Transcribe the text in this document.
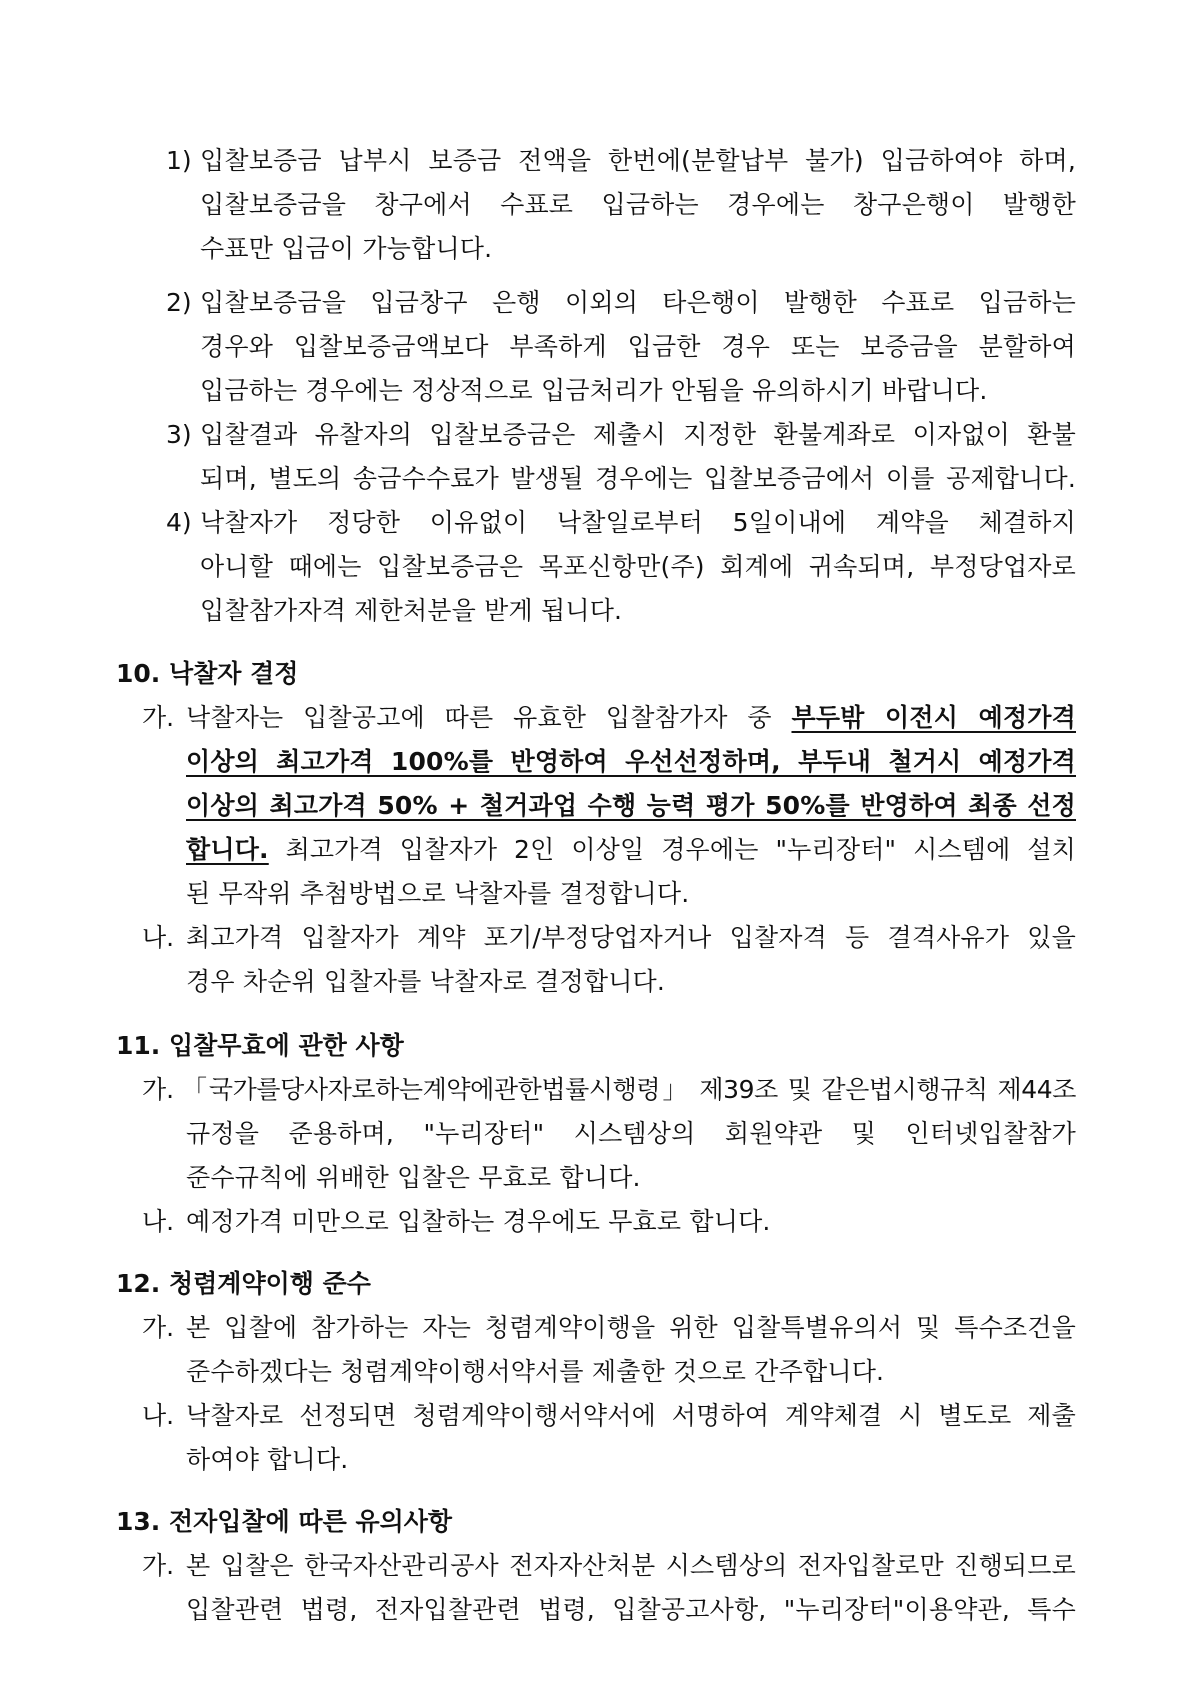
1) 입찰보증금 납부시 보증금 전액을 한번에(분할납부 불가) 입금하여야 하며,
입찰보증금을 창구에서 수표로 입금하는 경우에는 창구은행이 발행한
수표만 입금이 가능합니다.
2) 입찰보증금을 입금창구 은행 이외의 타은행이 발행한 수표로 입금하는
경우와 입찰보증금액보다 부족하게 입금한 경우 또는 보증금을 분할하여
입금하는 경우에는 정상적으로 입금처리가 안됨을 유의하시기 바랍니다.
3) 입찰결과 유찰자의 입찰보증금은 제출시 지정한 환불계좌로 이자없이 환불
되며, 별도의 송금수수료가 발생될 경우에는 입찰보증금에서 이를 공제합니다.
4) 낙찰자가 정당한 이유없이 낙찰일로부터 5일이내에 계약을 체결하지
아니할 때에는 입찰보증금은 목포신항만(주) 회계에 귀속되며, 부정당업자로
입찰참가자격 제한처분을 받게 됩니다.
10. 낙찰자 결정
가. 낙찰자는 입찰공고에 따른 유효한 입찰참가자 중 부두밖 이전시 예정가격
이상의 최고가격 100%를 반영하여 우선선정하며, 부두내 철거시 예정가격
이상의 최고가격 50% + 철거과업 수행 능력 평가 50%를 반영하여 최종 선정
합니다. 최고가격 입찰자가 2인 이상일 경우에는 "누리장터" 시스템에 설치
된 무작위 추첨방법으로 낙찰자를 결정합니다.
나. 최고가격 입찰자가 계약 포기/부정당업자거나 입찰자격 등 결격사유가 있을
경우 차순위 입찰자를 낙찰자로 결정합니다.
11. 입찰무효에 관한 사항
가. 「국가를당사자로하는계약에관한법률시행령」 제39조 및 같은법시행규칙 제44조
규정을 준용하며, "누리장터" 시스템상의 회원약관 및 인터넷입찰참가
준수규칙에 위배한 입찰은 무효로 합니다.
나. 예정가격 미만으로 입찰하는 경우에도 무효로 합니다.
12. 청렴계약이행 준수
가. 본 입찰에 참가하는 자는 청렴계약이행을 위한 입찰특별유의서 및 특수조건을
준수하겠다는 청렴계약이행서약서를 제출한 것으로 간주합니다.
나. 낙찰자로 선정되면 청렴계약이행서약서에 서명하여 계약체결 시 별도로 제출
하여야 합니다.
13. 전자입찰에 따른 유의사항
가. 본 입찰은 한국자산관리공사 전자자산처분 시스템상의 전자입찰로만 진행되므로
입찰관련 법령, 전자입찰관련 법령, 입찰공고사항, "누리장터"이용약관, 특수
